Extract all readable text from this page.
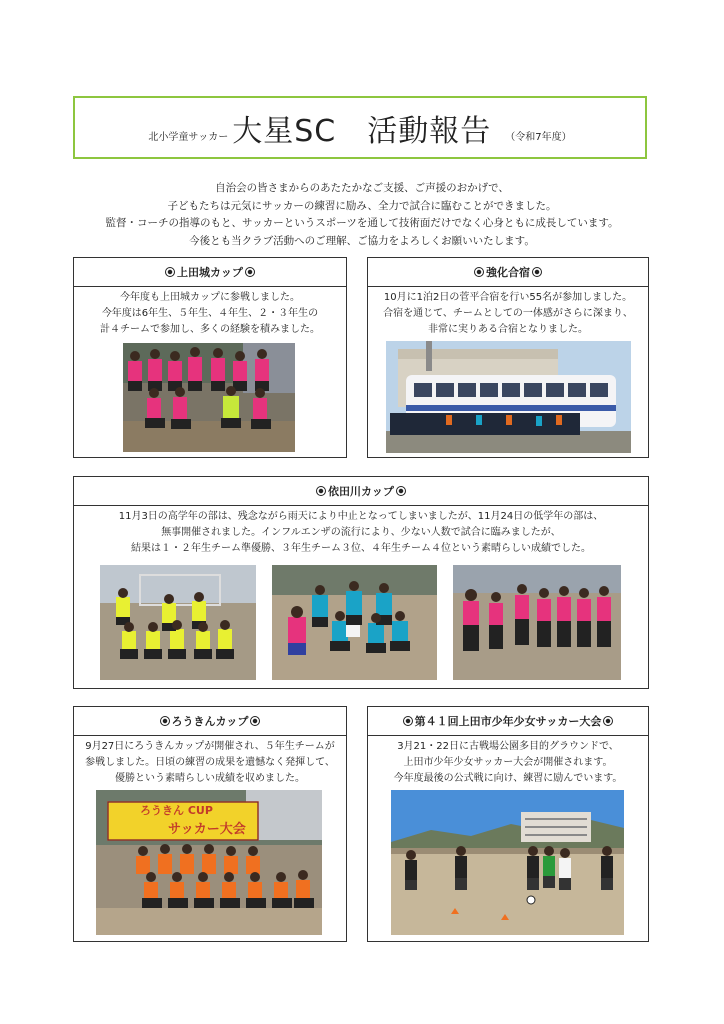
北小学童サッカー 大星SC　活動報告 （令和7年度）

自治会の皆さまからのあたたかなご支援、ご声援のおかげで、

子どもたちは元気にサッカーの練習に励み、全力で試合に臨むことができました。

監督・コーチの指導のもと、サッカーというスポーツを通して技術面だけでなく心身ともに成長しています。

今後とも当クラブ活動へのご理解、ご協力をよろしくお願いいたします。

上田城カップ

今年度も上田城カップに参戦しました。

今年度は6年生、５年生、４年生、２・３年生の

計４チームで参加し、多くの経験を積みました。

強化合宿

10月に1泊2日の菅平合宿を行い55名が参加しました。

合宿を通じて、チームとしての一体感がさらに深まり、

非常に実りある合宿となりました。

依田川カップ

11月3日の高学年の部は、残念ながら雨天により中止となってしまいましたが、11月24日の低学年の部は、

無事開催されました。インフルエンザの流行により、少ない人数で試合に臨みましたが、

結果は１・２年生チーム準優勝、３年生チーム３位、４年生チーム４位という素晴らしい成績でした。

ろうきんカップ

9月27日にろうきんカップが開催され、５年生チームが

参戦しました。日頃の練習の成果を遺憾なく発揮して、

優勝という素晴らしい成績を収めました。

ろうきん CUP
サッカー大会
第４１回上田市少年少女サッカー大会

3月21・22日に古戦場公園多目的グラウンドで、

上田市少年少女サッカー大会が開催されます。

今年度最後の公式戦に向け、練習に励んでいます。
